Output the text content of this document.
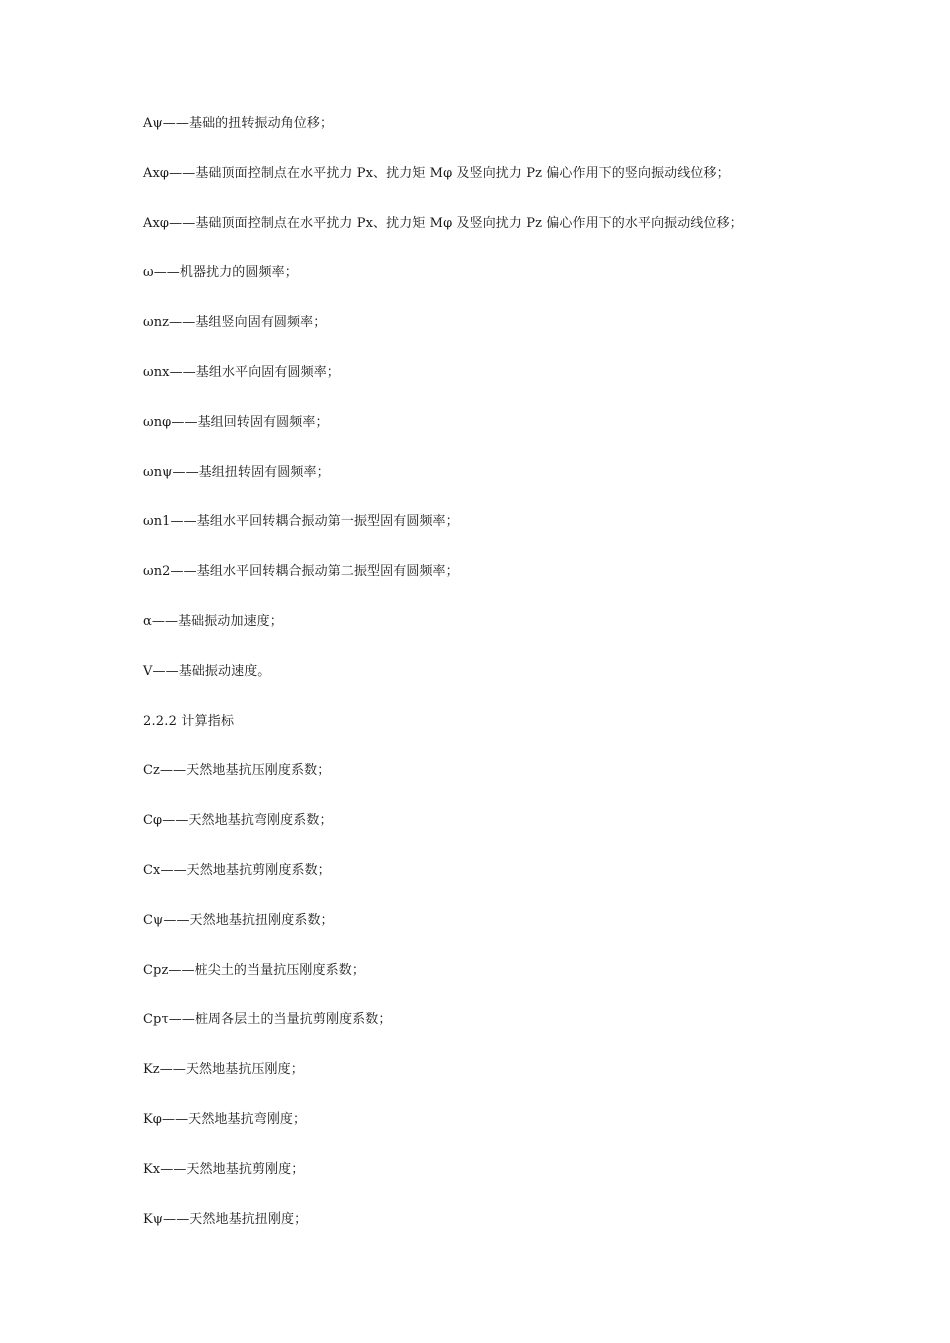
Aψ——基础的扭转振动角位移；
Axφ——基础顶面控制点在水平扰力 Px、扰力矩 Mφ 及竖向扰力 Pz 偏心作用下的竖向振动线位移；
Axφ——基础顶面控制点在水平扰力 Px、扰力矩 Mφ 及竖向扰力 Pz 偏心作用下的水平向振动线位移；
ω——机器扰力的圆频率；
ωnz——基组竖向固有圆频率；
ωnx——基组水平向固有圆频率；
ωnφ——基组回转固有圆频率；
ωnψ——基组扭转固有圆频率；
ωn1——基组水平回转耦合振动第一振型固有圆频率；
ωn2——基组水平回转耦合振动第二振型固有圆频率；
α——基础振动加速度；
V——基础振动速度。
2.2.2 计算指标
Cz——天然地基抗压刚度系数；
Cφ——天然地基抗弯刚度系数；
Cx——天然地基抗剪刚度系数；
Cψ——天然地基抗扭刚度系数；
Cpz——桩尖土的当量抗压刚度系数；
Cpτ——桩周各层土的当量抗剪刚度系数；
Kz——天然地基抗压刚度；
Kφ——天然地基抗弯刚度；
Kx——天然地基抗剪刚度；
Kψ——天然地基抗扭刚度；
